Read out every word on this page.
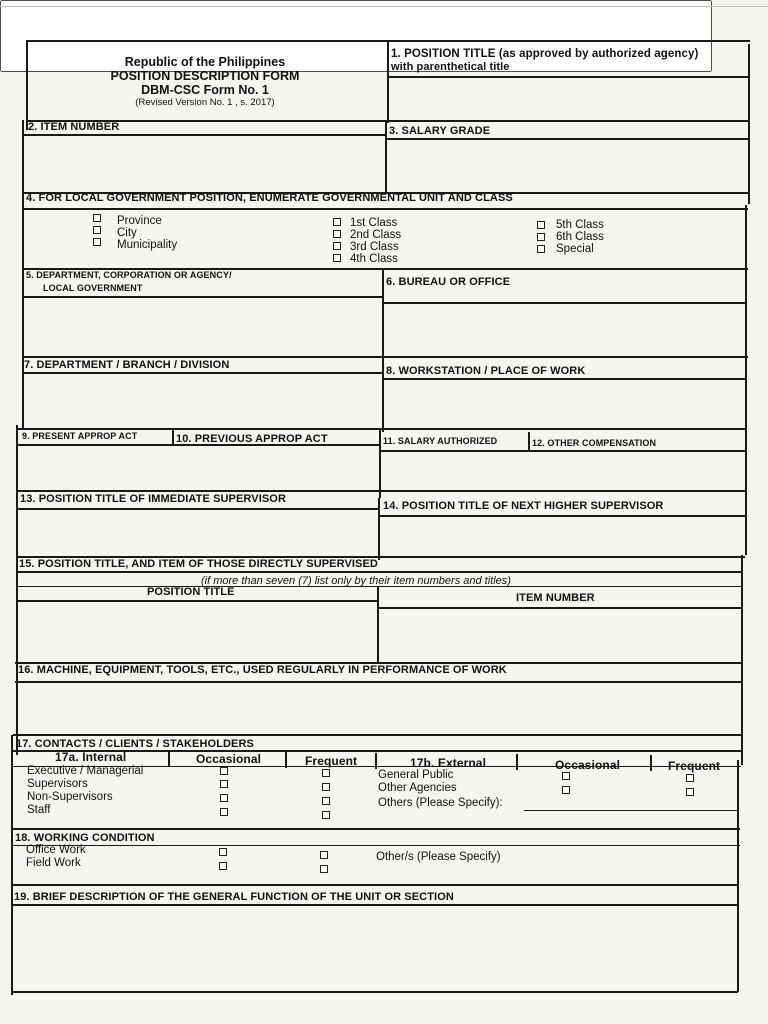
Republic of the Philippines
POSITION DESCRIPTION FORM
DBM-CSC Form No. 1
(Revised Version No. 1 , s. 2017)
1. POSITION TITLE (as approved by authorized agency)
with parenthetical title
2. ITEM NUMBER	3. SALARY GRADE
4. FOR LOCAL GOVERNMENT POSITION, ENUMERATE GOVERNMENTAL UNIT AND CLASS
Province
City
Municipality
1st Class
2nd Class
3rd Class
4th Class
5th Class
6th Class
Special
5. DEPARTMENT, CORPORATION OR AGENCY/
LOCAL GOVERNMENT	6. BUREAU OR OFFICE
7. DEPARTMENT / BRANCH / DIVISION	8. WORKSTATION / PLACE OF WORK
9. PRESENT APPROP ACT	10. PREVIOUS APPROP ACT	11. SALARY AUTHORIZED	12. OTHER COMPENSATION
13. POSITION TITLE OF IMMEDIATE SUPERVISOR
14. POSITION TITLE OF NEXT HIGHER SUPERVISOR
15. POSITION TITLE, AND ITEM OF THOSE DIRECTLY SUPERVISED
(if more than seven (7) list only by their item numbers and titles)
POSITION TITLE	ITEM NUMBER
16. MACHINE, EQUIPMENT, TOOLS, ETC., USED REGULARLY IN PERFORMANCE OF WORK
17. CONTACTS / CLIENTS / STAKEHOLDERS
17a. Internal	Occasional	Frequent	17b. External	Occasional	Frequent
Executive / Managerial
Supervisors
Non-Supervisors
Staff
General Public
Other Agencies
Others (Please Specify):
18. WORKING CONDITION
Office Work
Field Work	Other/s (Please Specify)
19. BRIEF DESCRIPTION OF THE GENERAL FUNCTION OF THE UNIT OR SECTION
